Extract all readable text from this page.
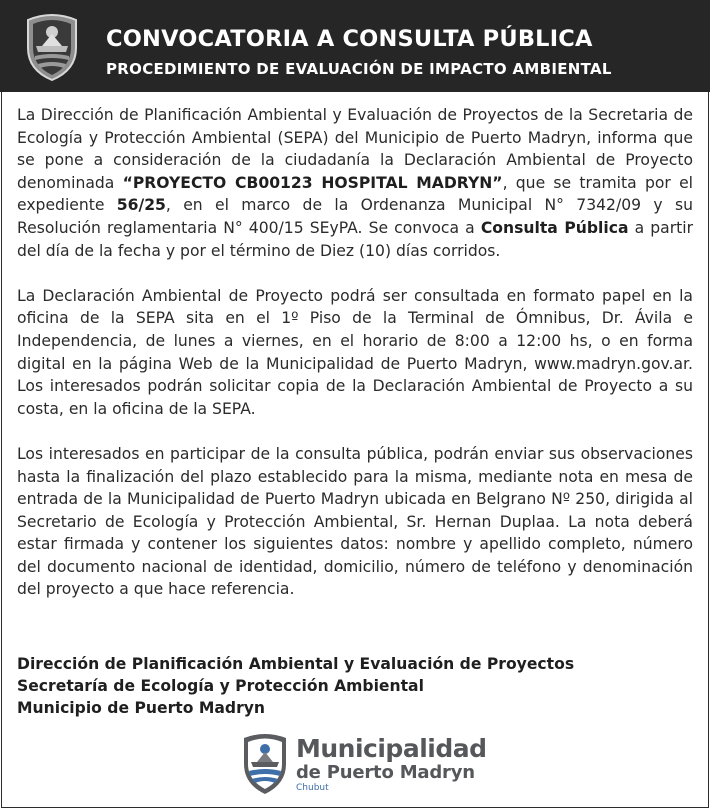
CONVOCATORIA A CONSULTA PÚBLICA
PROCEDIMIENTO DE EVALUACIÓN DE IMPACTO AMBIENTAL

La Dirección de Planificación Ambiental y Evaluación de Proyectos de la Secretaria de Ecología y Protección Ambiental (SEPA) del Municipio de Puerto Madryn, informa que se pone a consideración de la ciudadanía la Declaración Ambiental de Proyecto denominada “PROYECTO CB00123 HOSPITAL MADRYN”, que se tramita por el expediente 56/25, en el marco de la Ordenanza Municipal N° 7342/09 y su Resolución reglamentaria N° 400/15 SEyPA. Se convoca a Consulta Pública a partir del día de la fecha y por el término de Diez (10) días corridos.

La Declaración Ambiental de Proyecto podrá ser consultada en formato papel en la oficina de la SEPA sita en el 1º Piso de la Terminal de Ómnibus, Dr. Ávila e Independencia, de lunes a viernes, en el horario de 8:00 a 12:00 hs, o en forma digital en la página Web de la Municipalidad de Puerto Madryn, www.madryn.gov.ar. Los interesados podrán solicitar copia de la Declaración Ambiental de Proyecto a su costa, en la oficina de la SEPA.

Los interesados en participar de la consulta pública, podrán enviar sus observaciones hasta la finalización del plazo establecido para la misma, mediante nota en mesa de entrada de la Municipalidad de Puerto Madryn ubicada en Belgrano Nº 250, dirigida al Secretario de Ecología y Protección Ambiental, Sr. Hernan Duplaa. La nota deberá estar firmada y contener los siguientes datos: nombre y apellido completo, número del documento nacional de identidad, domicilio, número de teléfono y denominación del proyecto a que hace referencia.

Dirección de Planificación Ambiental y Evaluación de Proyectos
Secretaría de Ecología y Protección Ambiental
Municipio de Puerto Madryn
Municipalidad
de Puerto Madryn
Chubut
